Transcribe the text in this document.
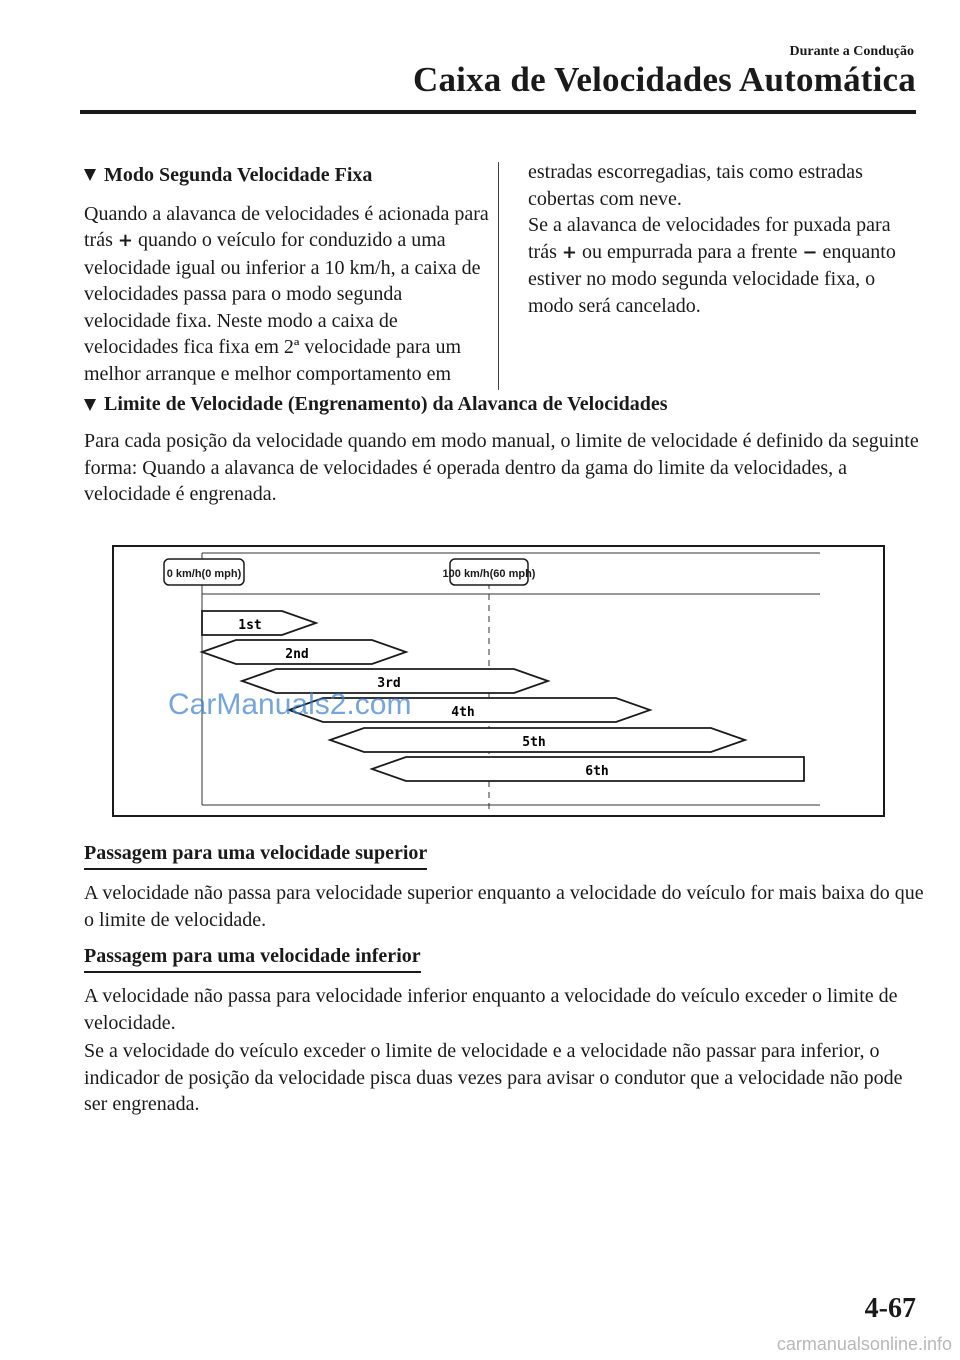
Durante a Condução
Caixa de Velocidades Automática
Modo Segunda Velocidade Fixa

Quando a alavanca de velocidades é acionada para trás + quando o veículo for conduzido a uma velocidade igual ou inferior a 10 km/h, a caixa de velocidades passa para o modo segunda velocidade fixa. Neste modo a caixa de velocidades fica fixa em 2ª velocidade para um melhor arranque e melhor comportamento em

estradas escorregadias, tais como estradas cobertas com neve.

Se a alavanca de velocidades for puxada para trás + ou empurrada para a frente − enquanto estiver no modo segunda velocidade fixa, o modo será cancelado.

Limite de Velocidade (Engrenamento) da Alavanca de Velocidades

Para cada posição da velocidade quando em modo manual, o limite de velocidade é definido da seguinte forma: Quando a alavanca de velocidades é operada dentro da gama do limite da velocidades, a velocidade é engrenada.

0 km/h(0 mph)	100 km/h(60 mph)
1st
2nd
3rd
4th
5th
6th
CarManuals2.com
Passagem para uma velocidade superior

A velocidade não passa para velocidade superior enquanto a velocidade do veículo for mais baixa do que o limite de velocidade.

Passagem para uma velocidade inferior

A velocidade não passa para velocidade inferior enquanto a velocidade do veículo exceder o limite de velocidade.

Se a velocidade do veículo exceder o limite de velocidade e a velocidade não passar para inferior, o indicador de posição da velocidade pisca duas vezes para avisar o condutor que a velocidade não pode ser engrenada.

4-67
carmanualsonline.info
